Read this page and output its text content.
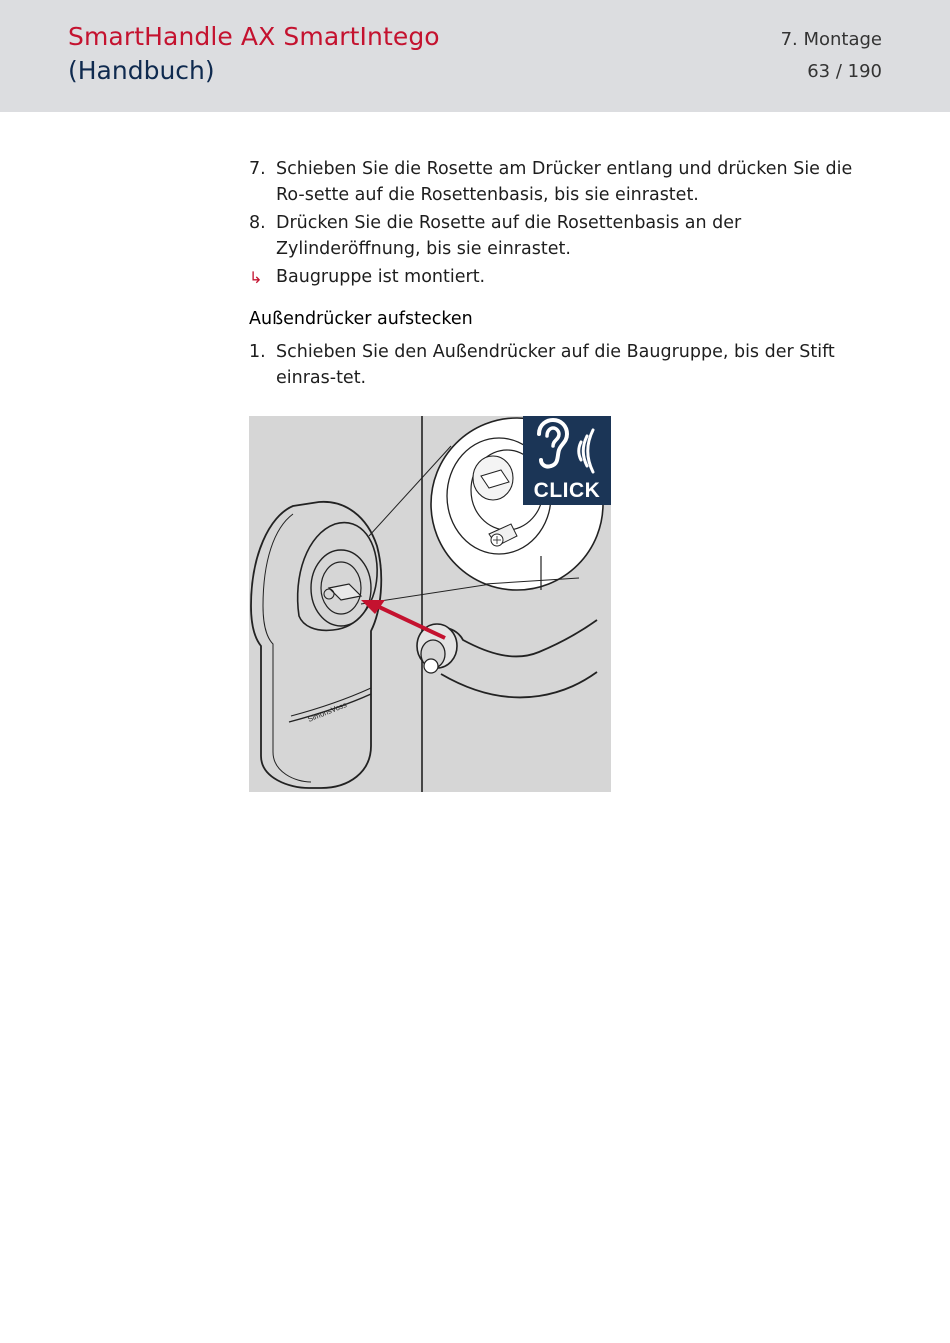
SmartHandle AX SmartIntego
(Handbuch)
7. Montage
63 / 190
7. Schieben Sie die Rosette am Drücker entlang und drücken Sie die Ro-sette auf die Rosettenbasis, bis sie einrastet.
8. Drücken Sie die Rosette auf die Rosettenbasis an der Zylinderöffnung, bis sie einrastet.
↳ Baugruppe ist montiert.
Außendrücker aufstecken
1. Schieben Sie den Außendrücker auf die Baugruppe, bis der Stift einras-tet.
SimonsVoss
CLICK
